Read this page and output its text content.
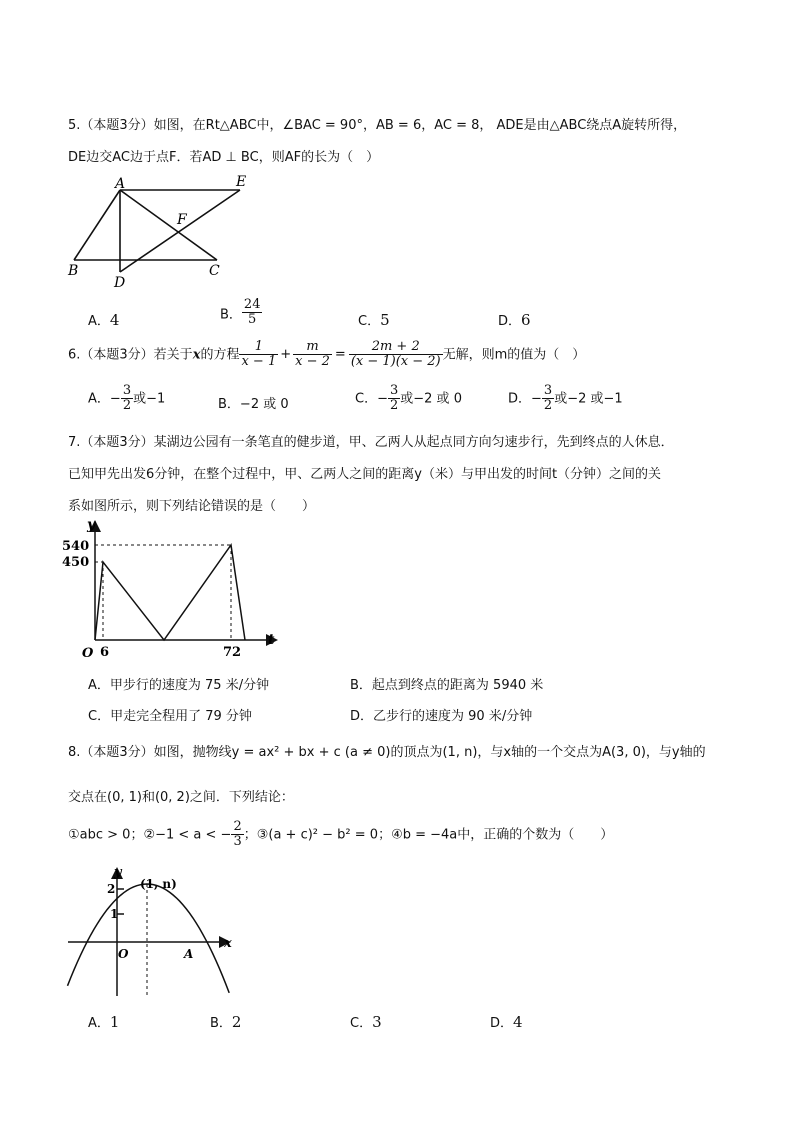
5.（本题3分）如图，在Rt△ABC中，∠BAC = 90°，AB = 6，AC = 8， ADE是由△ABC绕点A旋转所得，
DE边交AC边于点F．若AD ⊥ BC，则AF的长为（　）
A	E
F
B	C
D
A．4	B． $\frac{24}{5}$	C．5	D．6
6.（本题3分）若关于x的方程 $\frac{1}{x - 1} + \frac{m}{x - 2} = \frac{2m + 2}{(x - 1)(x - 2)}$ 无解，则m的值为（　）
A．− $\frac{3}{2}$ 或−1	B．−2 或 0	C．− $\frac{3}{2}$ 或−2 或 0	D．− $\frac{3}{2}$ 或−2 或−1
7.（本题3分）某湖边公园有一条笔直的健步道，甲、乙两人从起点同方向匀速步行，先到终点的人休息．
已知甲先出发6分钟，在整个过程中，甲、乙两人之间的距离y（米）与甲出发的时间t（分钟）之间的关
系如图所示，则下列结论错误的是（　　）
y
t
O
540
450
6	72
A．甲步行的速度为 75 米/分钟	B．起点到终点的距离为 5940 米
C．甲走完全程用了 79 分钟	D．乙步行的速度为 90 米/分钟
8.（本题3分）如图，抛物线y = ax² + bx + c (a ≠ 0)的顶点为(1, n)，与x轴的一个交点为A(3, 0)，与y轴的
交点在(0, 1)和(0, 2)之间．下列结论：
①abc > 0；②−1 < a < − $\frac{2}{3}$ ；③(a + c)² − b² = 0；④b = −4a中，正确的个数为（　　）
y
x
O	A
2
1
(1, n)
A．1	B．2	C．3	D．4
